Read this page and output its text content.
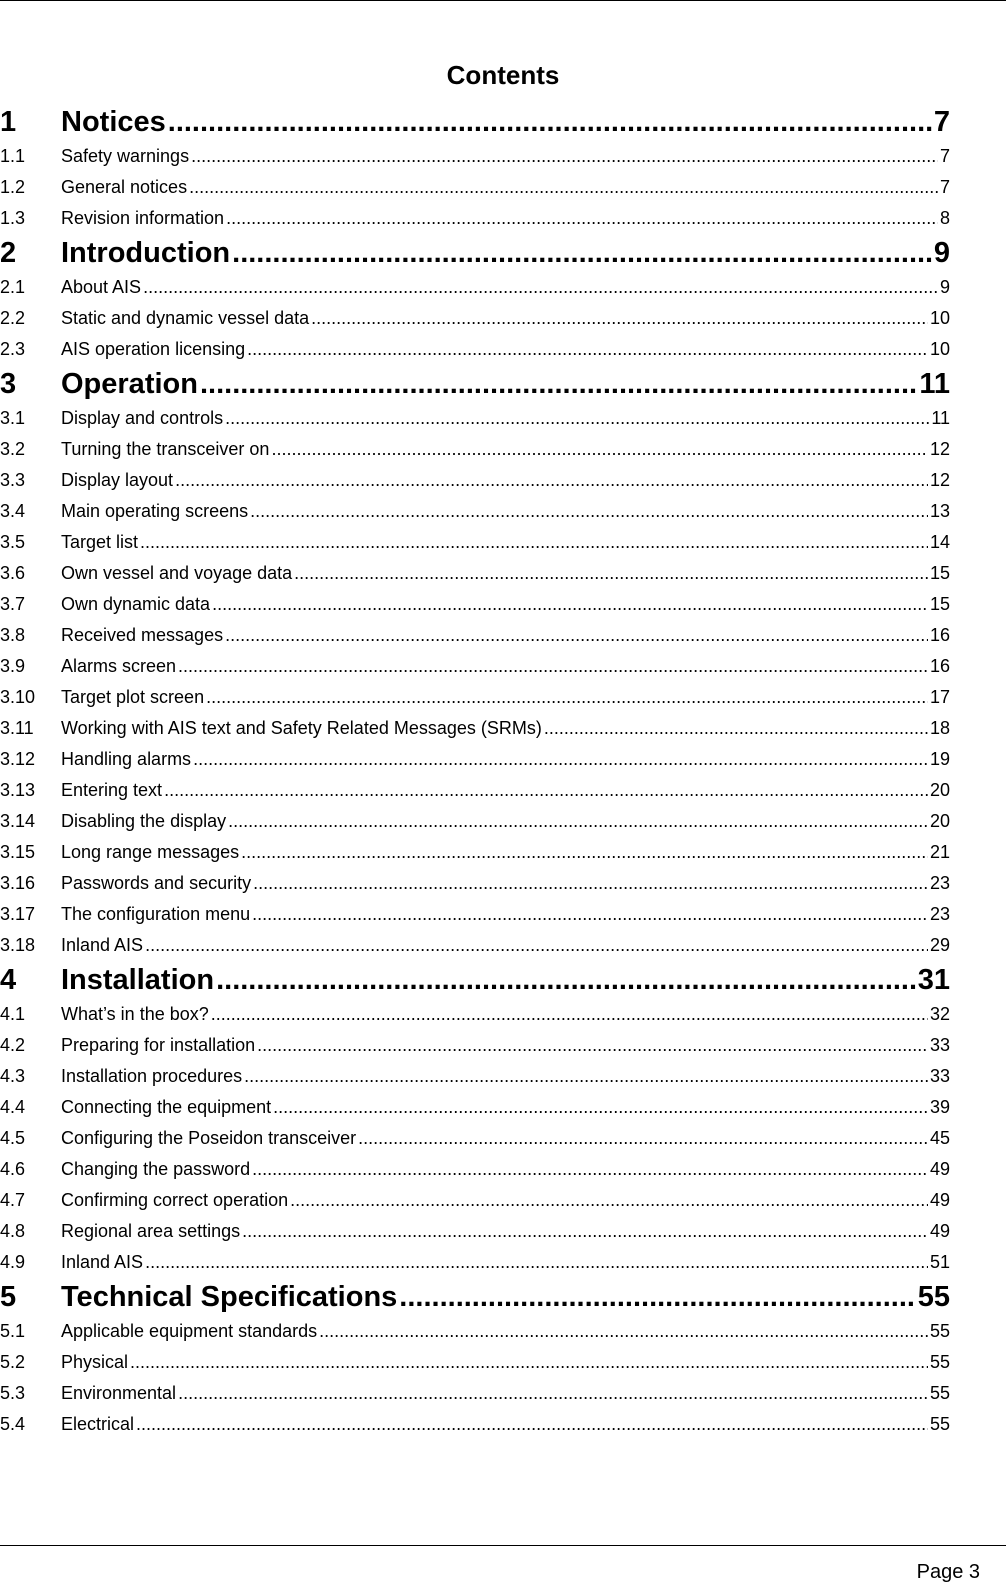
Contents
1	Notices .....	7
1.1	Safety warnings .....	7
1.2	General notices .....	7
1.3	Revision information .....	8
2	Introduction .....	9
2.1	About AIS .....	9
2.2	Static and dynamic vessel data .....	10
2.3	AIS operation licensing .....	10
3	Operation .....	11
3.1	Display and controls .....	11
3.2	Turning the transceiver on .....	12
3.3	Display layout .....	12
3.4	Main operating screens .....	13
3.5	Target list .....	14
3.6	Own vessel and voyage data .....	15
3.7	Own dynamic data .....	15
3.8	Received messages .....	16
3.9	Alarms screen .....	16
3.10	Target plot screen .....	17
3.11	Working with AIS text and Safety Related Messages (SRMs) .....	18
3.12	Handling alarms .....	19
3.13	Entering text .....	20
3.14	Disabling the display .....	20
3.15	Long range messages .....	21
3.16	Passwords and security .....	23
3.17	The configuration menu .....	23
3.18	Inland AIS .....	29
4	Installation .....	31
4.1	What’s in the box? .....	32
4.2	Preparing for installation .....	33
4.3	Installation procedures .....	33
4.4	Connecting the equipment .....	39
4.5	Configuring the Poseidon transceiver .....	45
4.6	Changing the password .....	49
4.7	Confirming correct operation .....	49
4.8	Regional area settings .....	49
4.9	Inland AIS .....	51
5	Technical Specifications .....	55
5.1	Applicable equipment standards .....	55
5.2	Physical .....	55
5.3	Environmental .....	55
5.4	Electrical .....	55
Page 3
